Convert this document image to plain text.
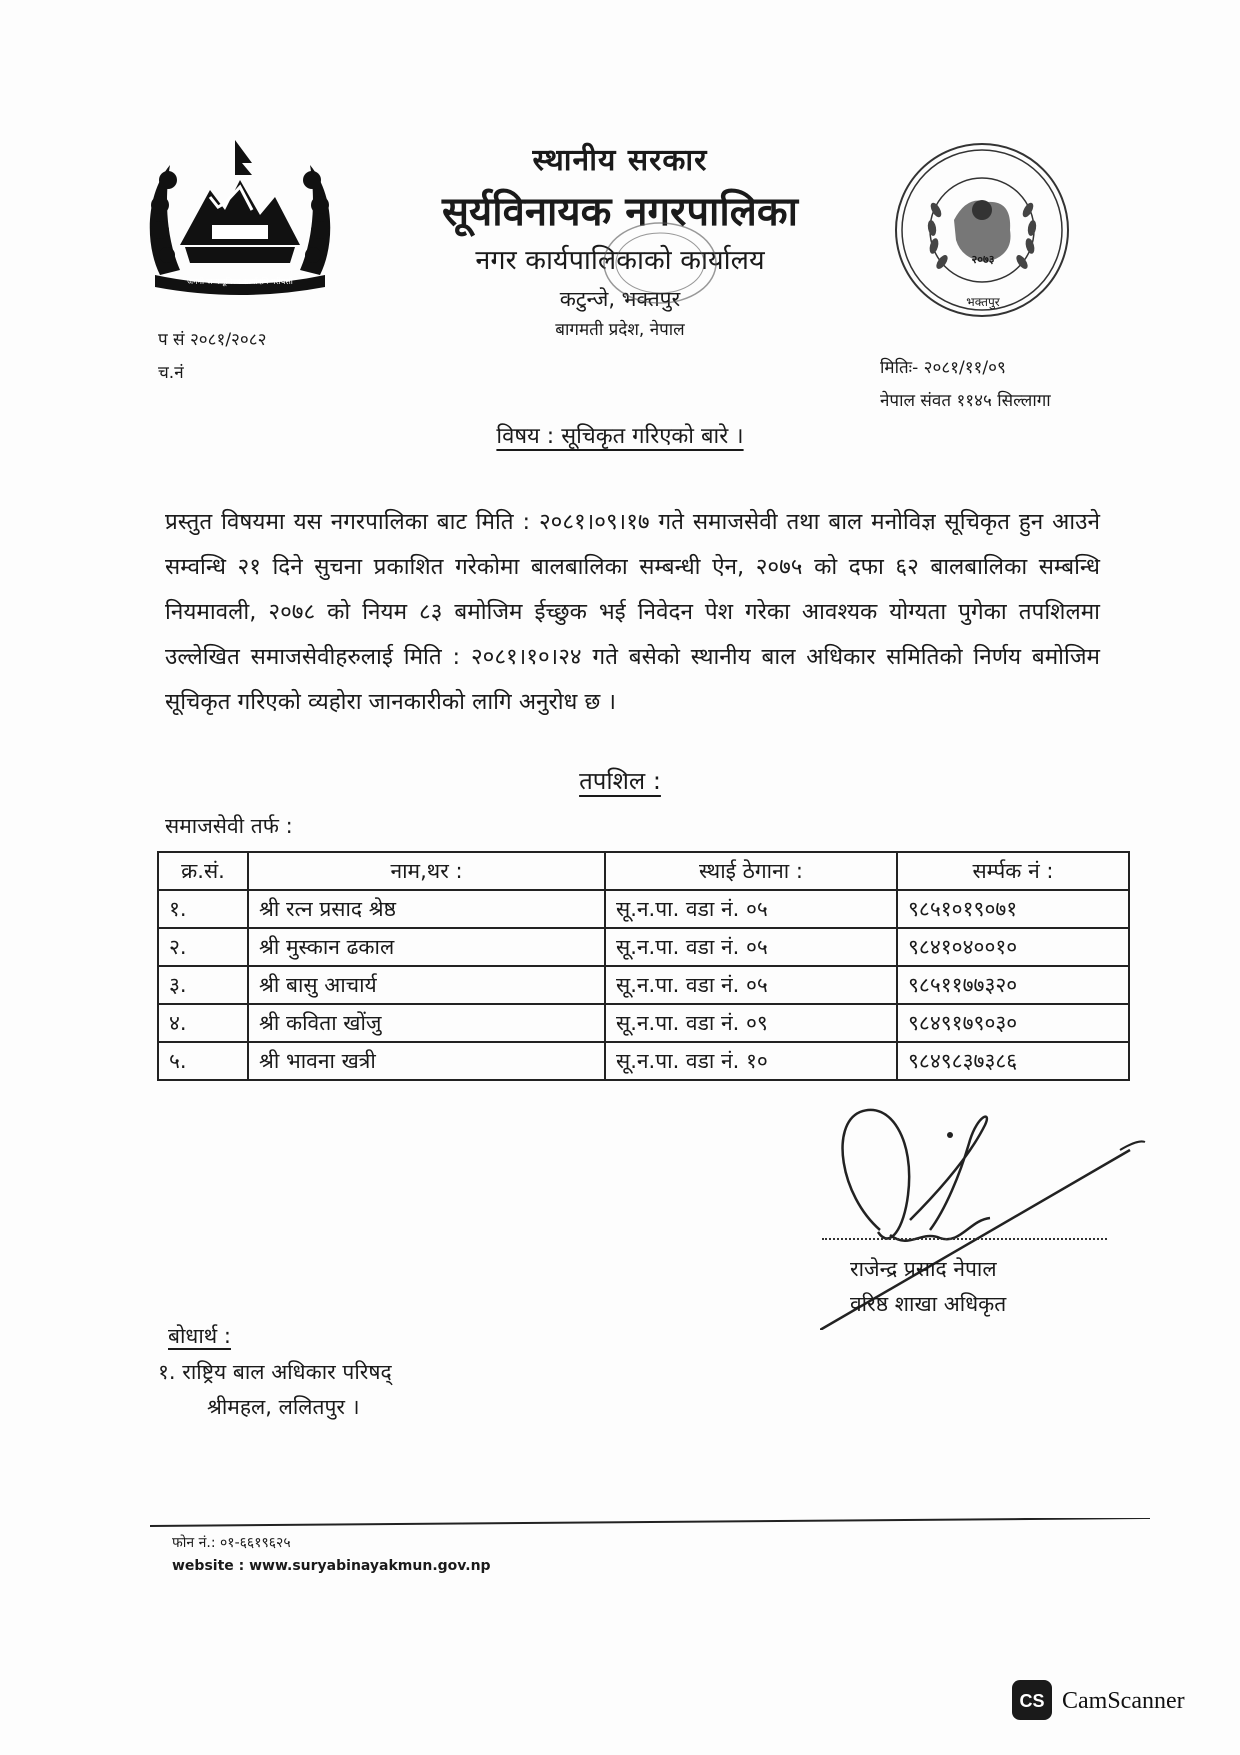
जननी जन्मभूमिश्च स्वर्गादपि गरीयसी
२०७३
भक्तपुर
स्थानीय सरकार
सूर्यविनायक नगरपालिका
नगर कार्यपालिकाको कार्यालय
कटुन्जे, भक्तपुर
बागमती प्रदेश, नेपाल
प सं २०८१/२०८२
च.नं	मितिः- २०८१/११/०९
नेपाल संवत ११४५ सिल्लागा
विषय : सूचिकृत गरिएको बारे ।
प्रस्तुत विषयमा यस नगरपालिका बाट मिति : २०८१।०९।१७ गते समाजसेवी तथा बाल मनोविज्ञ सूचिकृत हुन आउने सम्वन्धि २१ दिने सुचना प्रकाशित गरेकोमा बालबालिका सम्बन्धी ऐन, २०७५ को दफा ६२ बालबालिका सम्बन्धि नियमावली, २०७८ को नियम ८३ बमोजिम ईच्छुक भई निवेदन पेश गरेका आवश्यक योग्यता पुगेका तपशिलमा उल्लेखित समाजसेवीहरुलाई मिति : २०८१।१०।२४ गते बसेको स्थानीय बाल अधिकार समितिको निर्णय बमोजिम सूचिकृत गरिएको व्यहोरा जानकारीको लागि अनुरोध छ ।
तपशिल :
समाजसेवी तर्फ :
क्र.सं.	नाम,थर :	स्थाई ठेगाना :	सर्म्पक नं :
१.	श्री रत्न प्रसाद श्रेष्ठ	सू.न.पा. वडा नं. ०५	९८५१०१९०७१
२.	श्री मुस्कान ढकाल	सू.न.पा. वडा नं. ०५	९८४१०४००१०
३.	श्री बासु आचार्य	सू.न.पा. वडा नं. ०५	९८५११७७३२०
४.	श्री कविता खोंजु	सू.न.पा. वडा नं. ०९	९८४९१७९०३०
५.	श्री भावना खत्री	सू.न.पा. वडा नं. १०	९८४९८३७३८६
राजेन्द्र प्रसाद नेपाल
वरिष्ठ शाखा अधिकृत
बोधार्थ :
१. राष्ट्रिय बाल अधिकार परिषद्
श्रीमहल, ललितपुर ।
फोन नं.: ०१-६६१९६२५
website : www.suryabinayakmun.gov.np
CS CamScanner
